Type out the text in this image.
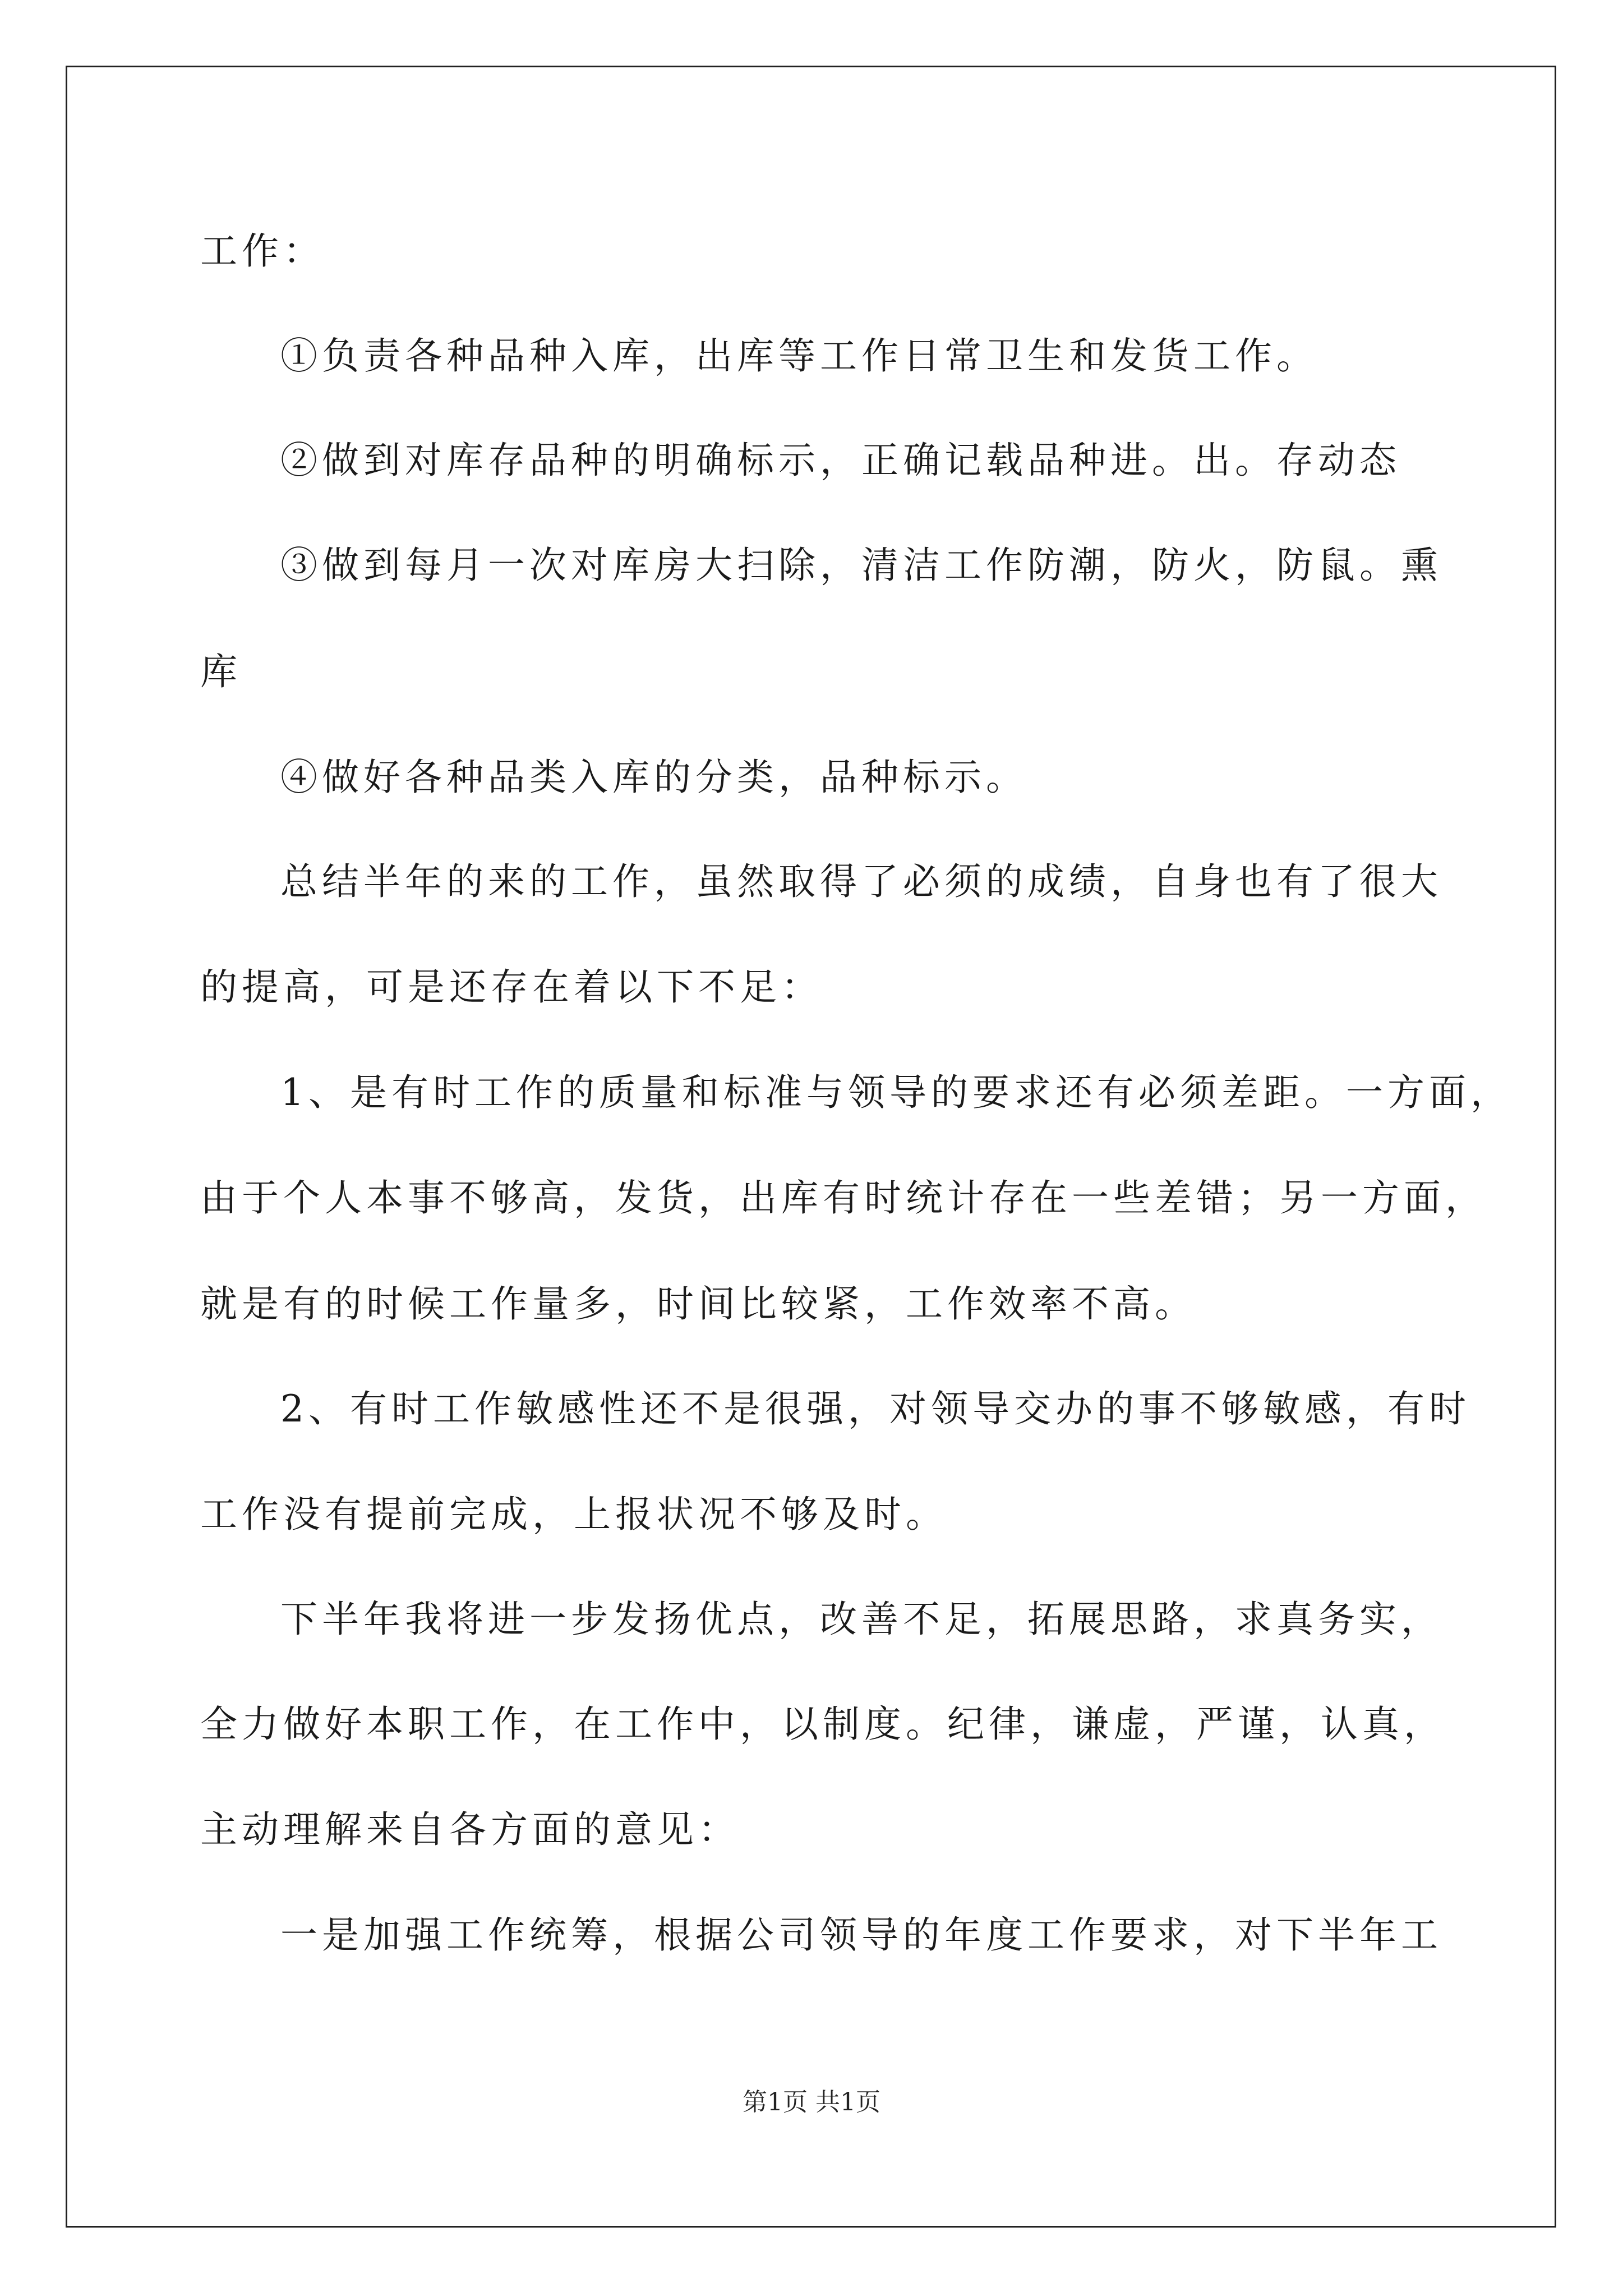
工作：
①负责各种品种入库，出库等工作日常卫生和发货工作。
②做到对库存品种的明确标示，正确记载品种进。出。存动态
③做到每月一次对库房大扫除，清洁工作防潮，防火，防鼠。熏
库
④做好各种品类入库的分类，品种标示。
总结半年的来的工作，虽然取得了必须的成绩，自身也有了很大
的提高，可是还存在着以下不足：
1、是有时工作的质量和标准与领导的要求还有必须差距。一方面，
由于个人本事不够高，发货，出库有时统计存在一些差错；另一方面，
就是有的时候工作量多，时间比较紧，工作效率不高。
2、有时工作敏感性还不是很强，对领导交办的事不够敏感，有时
工作没有提前完成，上报状况不够及时。
下半年我将进一步发扬优点，改善不足，拓展思路，求真务实，
全力做好本职工作，在工作中，以制度。纪律，谦虚，严谨，认真，
主动理解来自各方面的意见：
一是加强工作统筹，根据公司领导的年度工作要求，对下半年工
第1页 共1页
